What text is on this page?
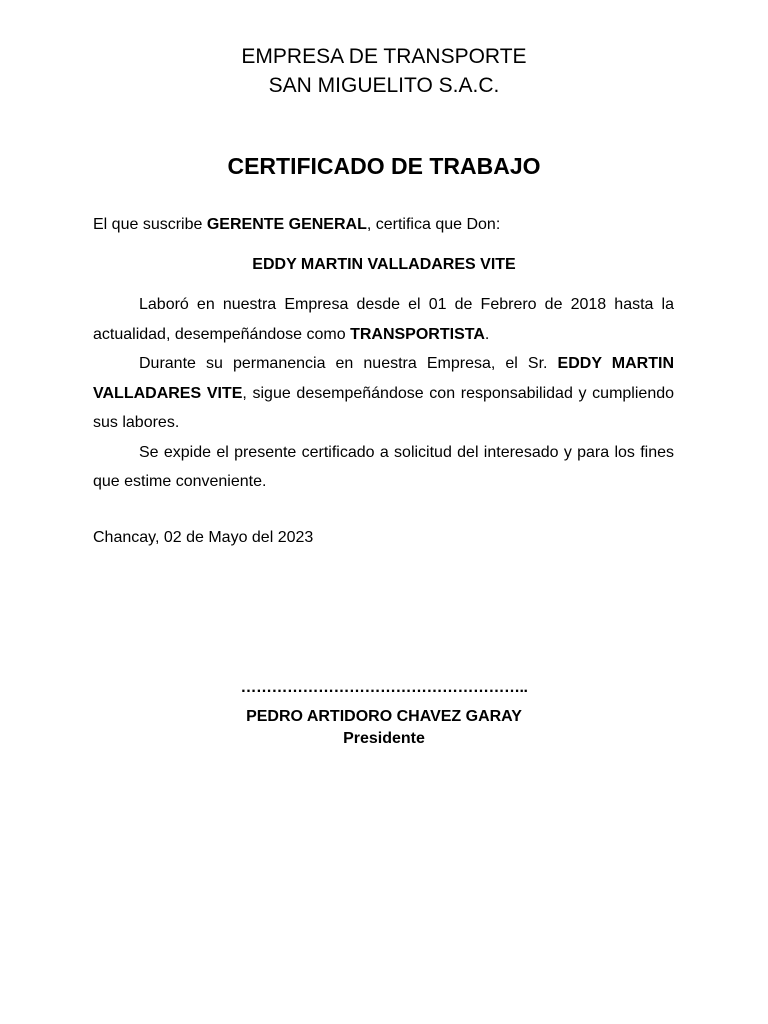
EMPRESA DE TRANSPORTE
SAN MIGUELITO S.A.C.
CERTIFICADO DE TRABAJO
El que suscribe GERENTE GENERAL, certifica que Don:
EDDY MARTIN VALLADARES VITE

Laboró en nuestra Empresa desde el 01 de Febrero de 2018 hasta la actualidad, desempeñándose como TRANSPORTISTA.

Durante su permanencia en nuestra Empresa, el Sr. EDDY MARTIN VALLADARES VITE, sigue desempeñándose con responsabilidad y cumpliendo sus labores.

Se expide el presente certificado a solicitud del interesado y para los fines que estime conveniente.

Chancay, 02 de Mayo del 2023
………………………………………………..
PEDRO ARTIDORO CHAVEZ GARAY
Presidente
